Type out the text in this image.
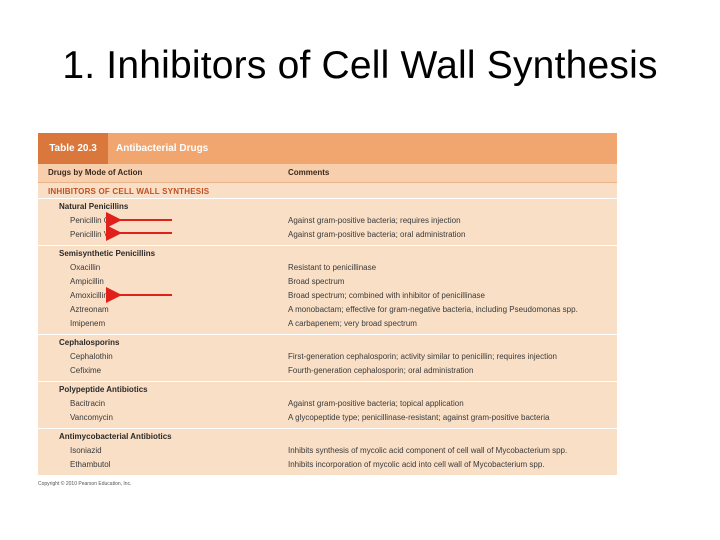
1. Inhibitors of Cell Wall Synthesis
Table 20.3	Antibacterial Drugs
Drugs by Mode of Action	Comments
INHIBITORS OF CELL WALL SYNTHESIS
Natural Penicillins
Penicillin G	Against gram-positive bacteria; requires injection
Penicillin V	Against gram-positive bacteria; oral administration
Semisynthetic Penicillins
Oxacillin	Resistant to penicillinase
Ampicillin	Broad spectrum
Amoxicillin	Broad spectrum; combined with inhibitor of penicillinase
Aztreonam	A monobactam; effective for gram-negative bacteria, including Pseudomonas spp.
Imipenem	A carbapenem; very broad spectrum
Cephalosporins
Cephalothin	First-generation cephalosporin; activity similar to penicillin; requires injection
Cefixime	Fourth-generation cephalosporin; oral administration
Polypeptide Antibiotics
Bacitracin	Against gram-positive bacteria; topical application
Vancomycin	A glycopeptide type; penicillinase-resistant; against gram-positive bacteria
Antimycobacterial Antibiotics
Isoniazid	Inhibits synthesis of mycolic acid component of cell wall of Mycobacterium spp.
Ethambutol	Inhibits incorporation of mycolic acid into cell wall of Mycobacterium spp.
Copyright © 2010 Pearson Education, Inc.
